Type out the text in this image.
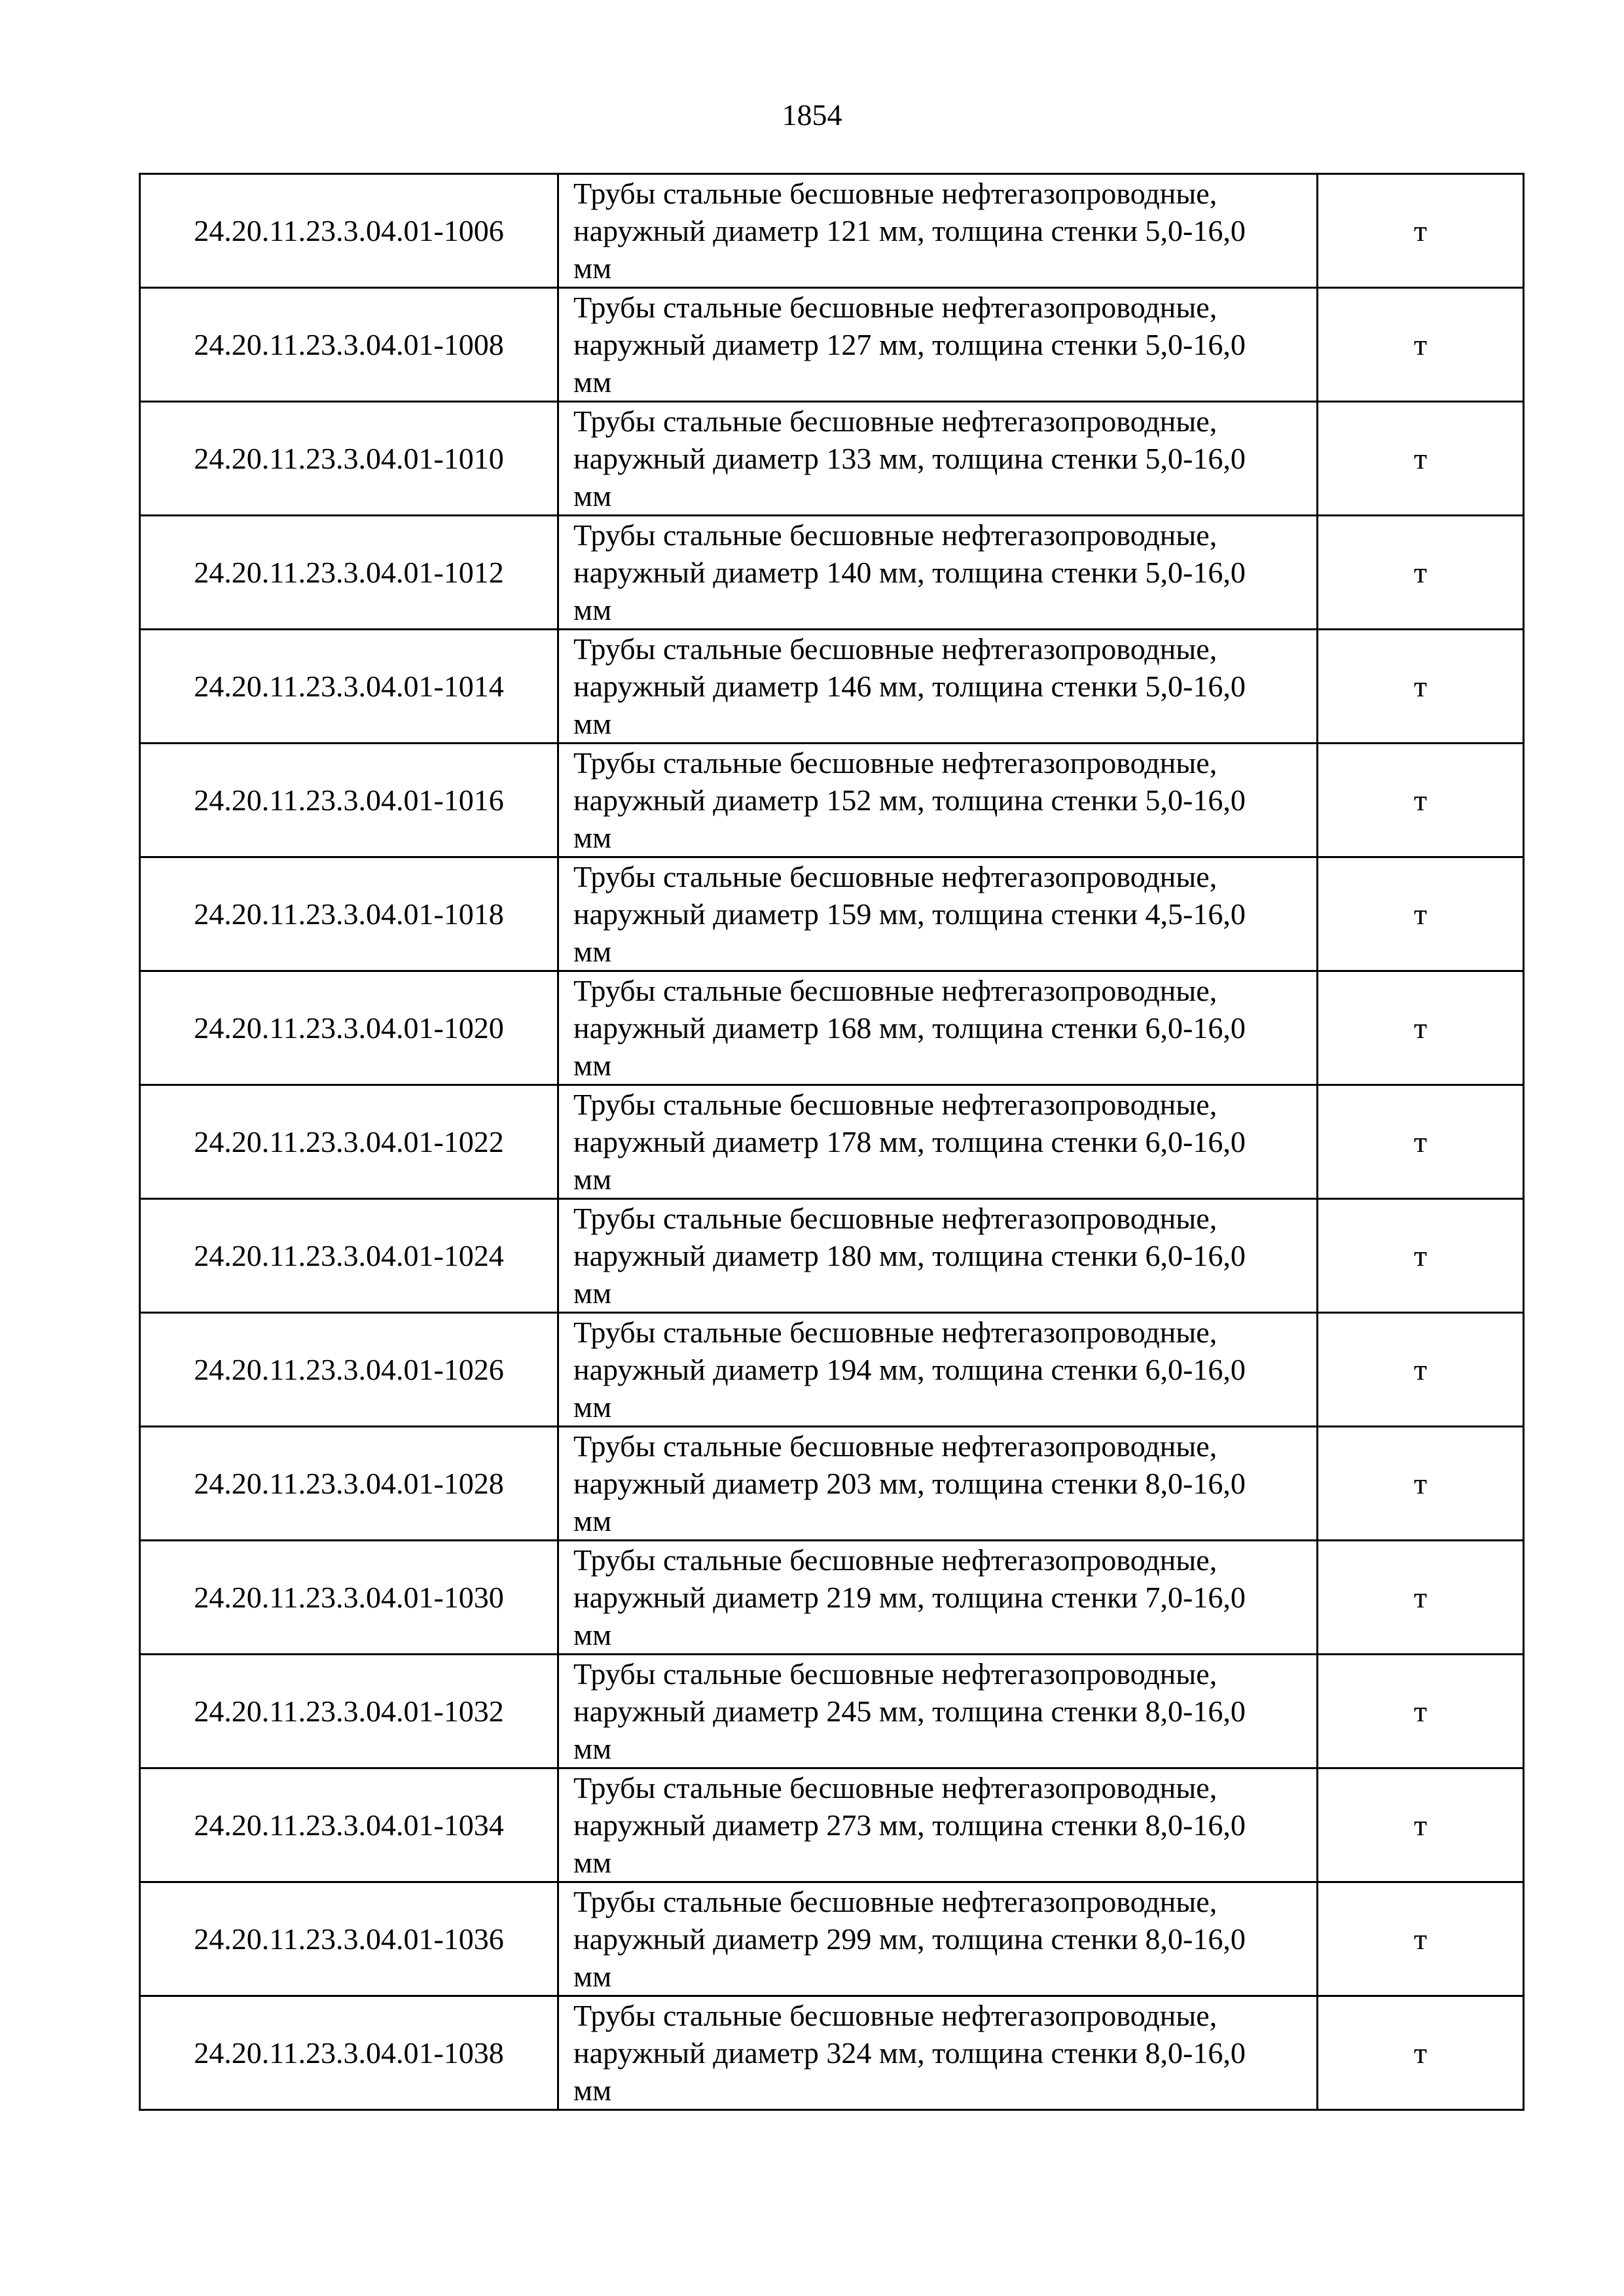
1854
24.20.11.23.3.04.01-1006	Трубы стальные бесшовные нефтегазопроводные,
наружный диаметр 121 мм, толщина стенки 5,0-16,0
мм	т
24.20.11.23.3.04.01-1008	Трубы стальные бесшовные нефтегазопроводные,
наружный диаметр 127 мм, толщина стенки 5,0-16,0
мм	т
24.20.11.23.3.04.01-1010	Трубы стальные бесшовные нефтегазопроводные,
наружный диаметр 133 мм, толщина стенки 5,0-16,0
мм	т
24.20.11.23.3.04.01-1012	Трубы стальные бесшовные нефтегазопроводные,
наружный диаметр 140 мм, толщина стенки 5,0-16,0
мм	т
24.20.11.23.3.04.01-1014	Трубы стальные бесшовные нефтегазопроводные,
наружный диаметр 146 мм, толщина стенки 5,0-16,0
мм	т
24.20.11.23.3.04.01-1016	Трубы стальные бесшовные нефтегазопроводные,
наружный диаметр 152 мм, толщина стенки 5,0-16,0
мм	т
24.20.11.23.3.04.01-1018	Трубы стальные бесшовные нефтегазопроводные,
наружный диаметр 159 мм, толщина стенки 4,5-16,0
мм	т
24.20.11.23.3.04.01-1020	Трубы стальные бесшовные нефтегазопроводные,
наружный диаметр 168 мм, толщина стенки 6,0-16,0
мм	т
24.20.11.23.3.04.01-1022	Трубы стальные бесшовные нефтегазопроводные,
наружный диаметр 178 мм, толщина стенки 6,0-16,0
мм	т
24.20.11.23.3.04.01-1024	Трубы стальные бесшовные нефтегазопроводные,
наружный диаметр 180 мм, толщина стенки 6,0-16,0
мм	т
24.20.11.23.3.04.01-1026	Трубы стальные бесшовные нефтегазопроводные,
наружный диаметр 194 мм, толщина стенки 6,0-16,0
мм	т
24.20.11.23.3.04.01-1028	Трубы стальные бесшовные нефтегазопроводные,
наружный диаметр 203 мм, толщина стенки 8,0-16,0
мм	т
24.20.11.23.3.04.01-1030	Трубы стальные бесшовные нефтегазопроводные,
наружный диаметр 219 мм, толщина стенки 7,0-16,0
мм	т
24.20.11.23.3.04.01-1032	Трубы стальные бесшовные нефтегазопроводные,
наружный диаметр 245 мм, толщина стенки 8,0-16,0
мм	т
24.20.11.23.3.04.01-1034	Трубы стальные бесшовные нефтегазопроводные,
наружный диаметр 273 мм, толщина стенки 8,0-16,0
мм	т
24.20.11.23.3.04.01-1036	Трубы стальные бесшовные нефтегазопроводные,
наружный диаметр 299 мм, толщина стенки 8,0-16,0
мм	т
24.20.11.23.3.04.01-1038	Трубы стальные бесшовные нефтегазопроводные,
наружный диаметр 324 мм, толщина стенки 8,0-16,0
мм	т
